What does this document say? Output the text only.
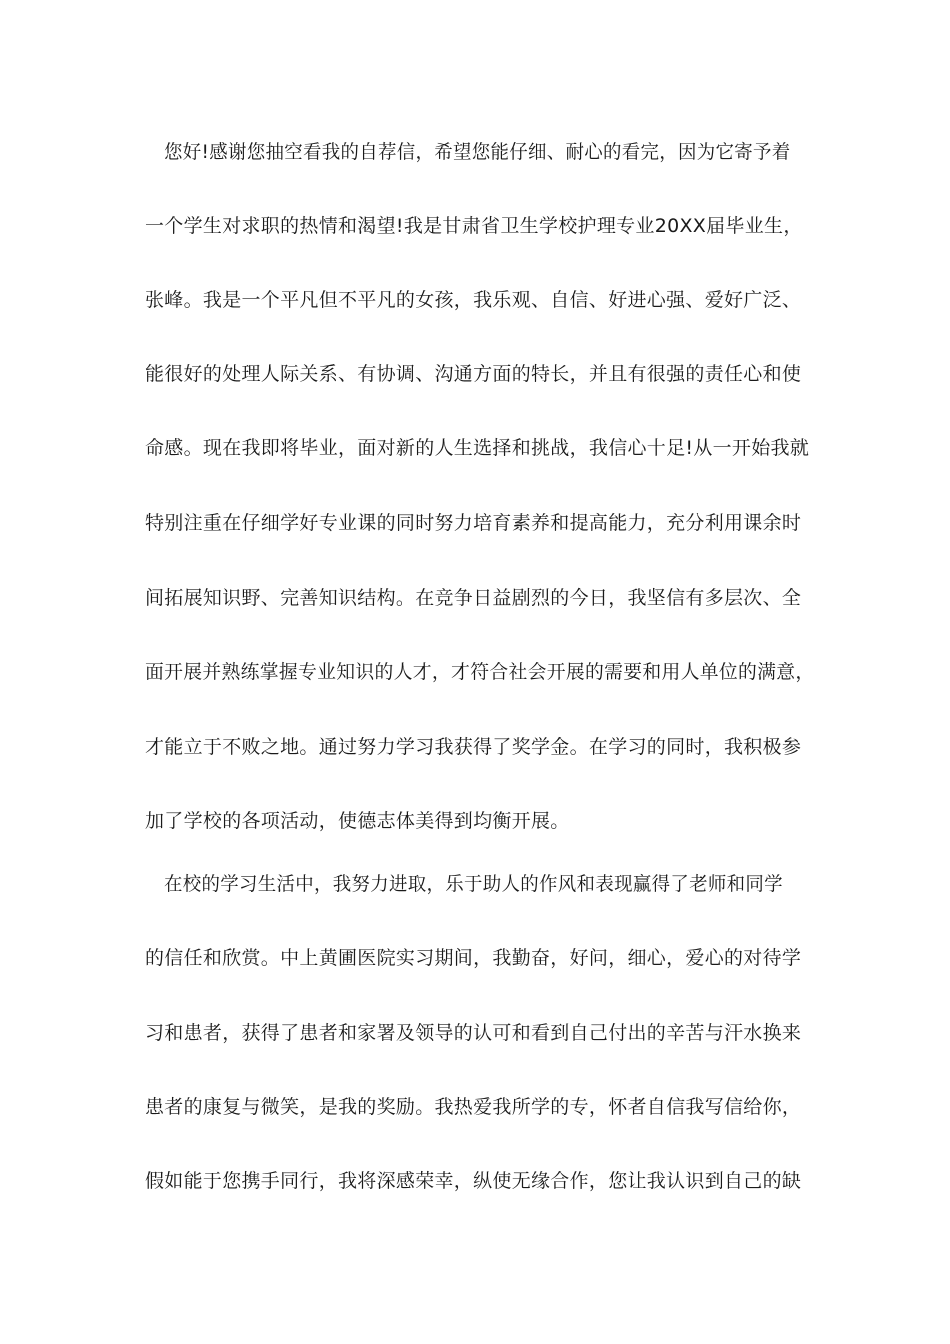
您好!感谢您抽空看我的自荐信，希望您能仔细、耐心的看完，因为它寄予着
一个学生对求职的热情和渴望!我是甘肃省卫生学校护理专业20XX届毕业生，
张峰。我是一个平凡但不平凡的女孩，我乐观、自信、好进心强、爱好广泛、
能很好的处理人际关系、有协调、沟通方面的特长，并且有很强的责任心和使
命感。现在我即将毕业，面对新的人生选择和挑战，我信心十足!从一开始我就
特别注重在仔细学好专业课的同时努力培育素养和提高能力，充分利用课余时
间拓展知识野、完善知识结构。在竞争日益剧烈的今日，我坚信有多层次、全
面开展并熟练掌握专业知识的人才，才符合社会开展的需要和用人单位的满意，
才能立于不败之地。通过努力学习我获得了奖学金。在学习的同时，我积极参
加了学校的各项活动，使德志体美得到均衡开展。
在校的学习生活中，我努力进取，乐于助人的作风和表现赢得了老师和同学
的信任和欣赏。中上黄圃医院实习期间，我勤奋，好问，细心，爱心的对待学
习和患者，获得了患者和家署及领导的认可和看到自己付出的辛苦与汗水换来
患者的康复与微笑，是我的奖励。我热爱我所学的专，怀者自信我写信给你，
假如能于您携手同行，我将深感荣幸，纵使无缘合作，您让我认识到自己的缺
